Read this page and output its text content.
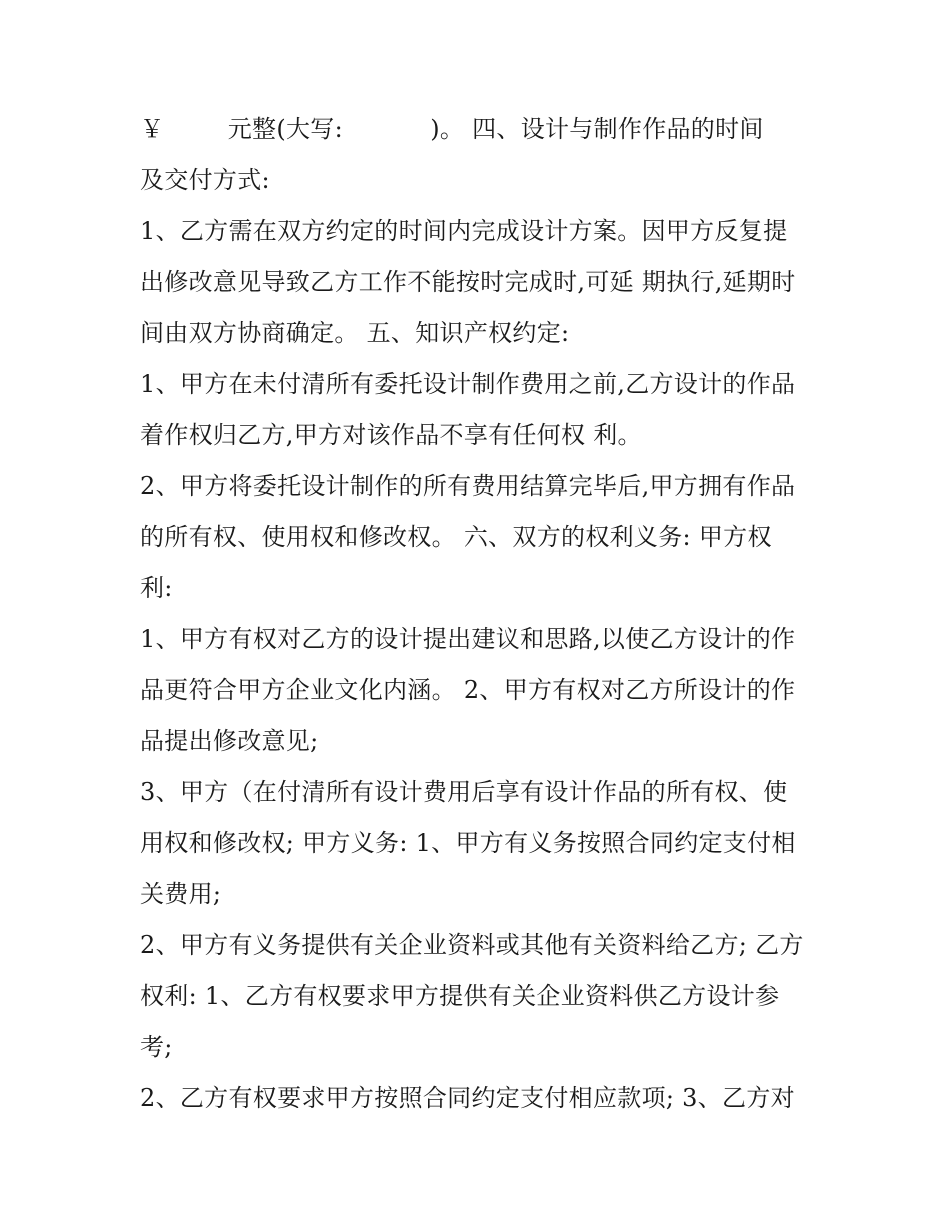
￥        元整(大写:           )。 四、设计与制作作品的时间
及交付方式:
1、乙方需在双方约定的时间内完成设计方案。因甲方反复提
出修改意见导致乙方工作不能按时完成时,可延 期执行,延期时
间由双方协商确定。 五、知识产权约定:
1、甲方在未付清所有委托设计制作费用之前,乙方设计的作品
着作权归乙方,甲方对该作品不享有任何权 利。
2、甲方将委托设计制作的所有费用结算完毕后,甲方拥有作品
的所有权、使用权和修改权。 六、双方的权利义务: 甲方权
利:
1、甲方有权对乙方的设计提出建议和思路,以使乙方设计的作
品更符合甲方企业文化内涵。 2、甲方有权对乙方所设计的作
品提出修改意见;
3、甲方（在付清所有设计费用后享有设计作品的所有权、使
用权和修改权; 甲方义务: 1、甲方有义务按照合同约定支付相
关费用;
2、甲方有义务提供有关企业资料或其他有关资料给乙方; 乙方
权利: 1、乙方有权要求甲方提供有关企业资料供乙方设计参
考;
2、乙方有权要求甲方按照合同约定支付相应款项; 3、乙方对
